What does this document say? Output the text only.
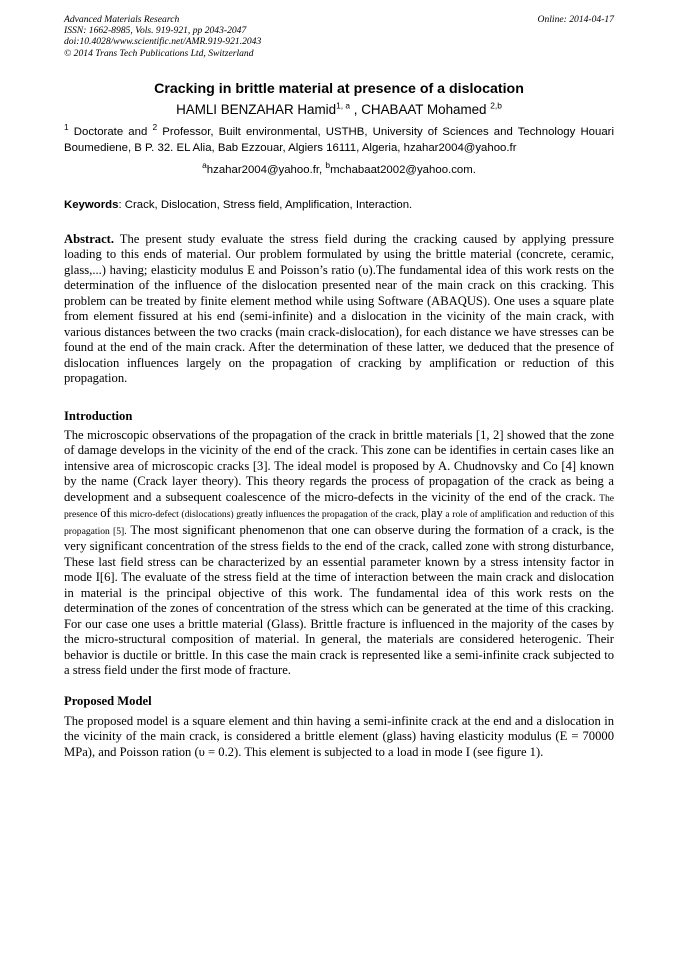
Advanced Materials Research
ISSN: 1662-8985, Vols. 919-921, pp 2043-2047
doi:10.4028/www.scientific.net/AMR.919-921.2043
© 2014 Trans Tech Publications Ltd, Switzerland
Online: 2014-04-17
Cracking in brittle material at presence of a dislocation
HAMLI BENZAHAR Hamid$^{1, a}$ , CHABAAT Mohamed $^{2,b}$
$^1$ Doctorate and $^2$ Professor, Built environmental, USTHB, University of Sciences and Technology Houari Boumediene, B P. 32. EL Alia, Bab Ezzouar, Algiers 16111, Algeria, hzahar2004@yahoo.fr
$^a$hzahar2004@yahoo.fr, $^b$mchabaat2002@yahoo.com.
Keywords: Crack, Dislocation, Stress field, Amplification, Interaction.
Abstract. The present study evaluate the stress field during the cracking caused by applying pressure loading to this ends of material. Our problem formulated by using the brittle material (concrete, ceramic, glass,...) having; elasticity modulus E and Poisson’s ratio (υ).The fundamental idea of this work rests on the determination of the influence of the dislocation presented near of the main crack on this cracking. This problem can be treated by finite element method while using Software (ABAQUS). One uses a square plate from element fissured at his end (semi-infinite) and a dislocation in the vicinity of the main crack, with various distances between the two cracks (main crack-dislocation), for each distance we have stresses can be found at the end of the main crack. After the determination of these latter, we deduced that the presence of dislocation influences largely on the propagation of cracking by amplification or reduction of this propagation.
Introduction
The microscopic observations of the propagation of the crack in brittle materials [1, 2] showed that the zone of damage develops in the vicinity of the end of the crack. This zone can be identifies in certain cases like an intensive area of microscopic cracks [3]. The ideal model is proposed by A. Chudnovsky and Co [4] known by the name (Crack layer theory). This theory regards the process of propagation of the crack as being a development and a subsequent coalescence of the micro-defects in the vicinity of the end of the crack. The presence of this micro-defect (dislocations) greatly influences the propagation of the crack, play a role of amplification and reduction of this propagation [5]. The most significant phenomenon that one can observe during the formation of a crack, is the very significant concentration of the stress fields to the end of the crack, called zone with strong disturbance, These last field stress can be characterized by an essential parameter known by a stress intensity factor in mode I[6]. The evaluate of the stress field at the time of interaction between the main crack and dislocation in material is the principal objective of this work. The fundamental idea of this work rests on the determination of the zones of concentration of the stress which can be generated at the time of this cracking. For our case one uses a brittle material (Glass). Brittle fracture is influenced in the majority of the cases by the micro-structural composition of material. In general, the materials are considered heterogenic. Their behavior is ductile or brittle. In this case the main crack is represented like a semi-infinite crack subjected to a stress field under the first mode of fracture.
Proposed Model
The proposed model is a square element and thin having a semi-infinite crack at the end and a dislocation in the vicinity of the main crack, is considered a brittle element (glass) having elasticity modulus (E = 70000 MPa), and Poisson ration (υ = 0.2). This element is subjected to a load in mode I (see figure 1).
